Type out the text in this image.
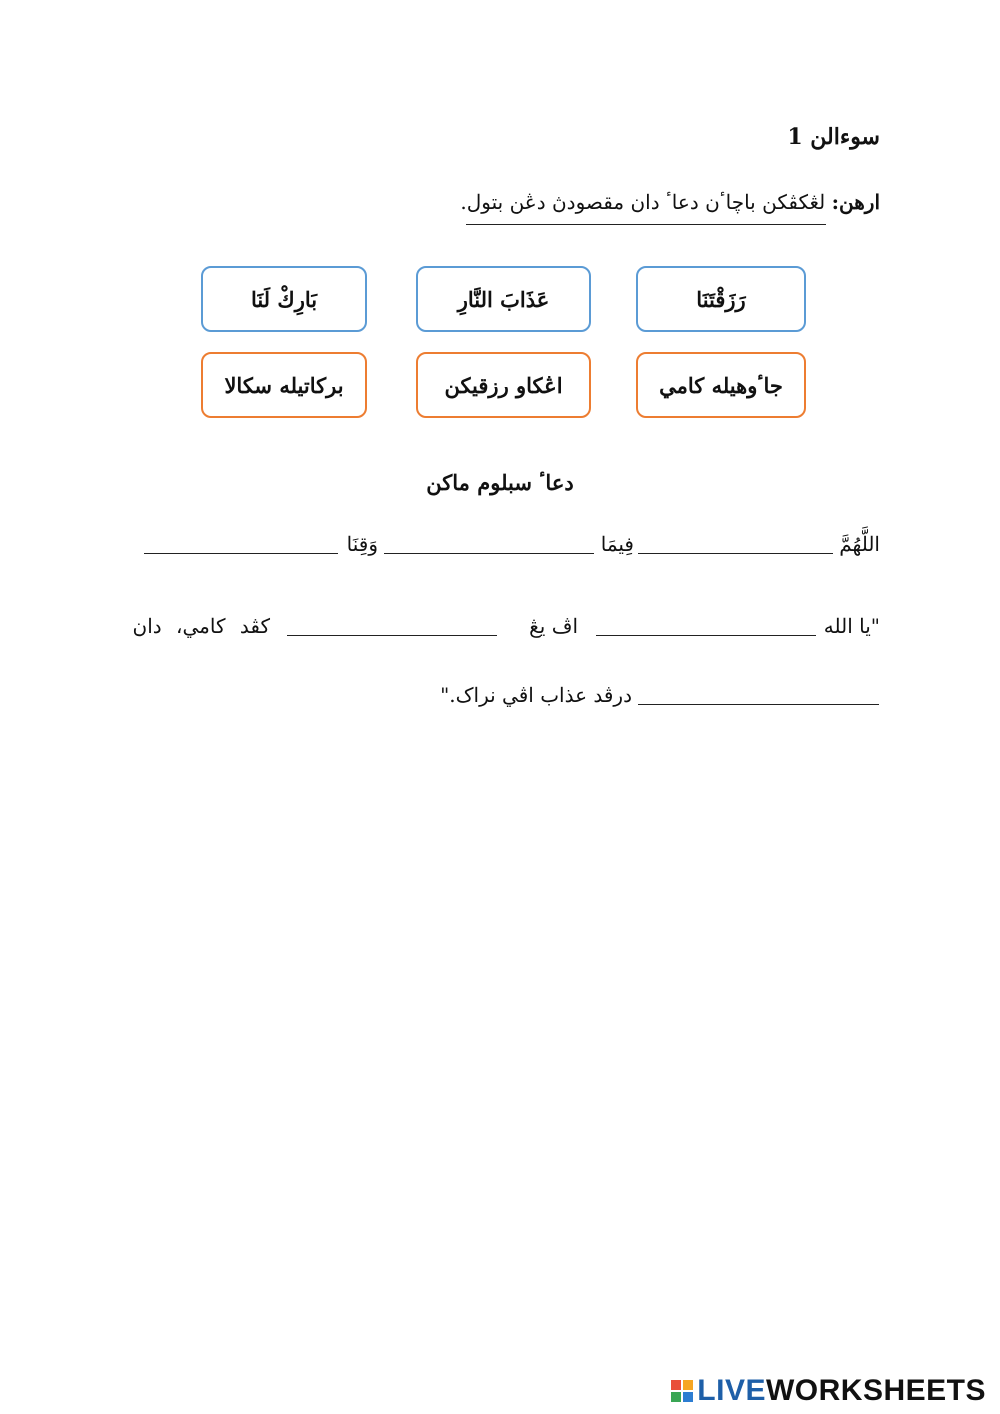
سوءالن 1
ارهن: لڠكڤكن باچاٴن دعاٴ دان مقصودڽ دڠن بتول.
رَزَقْتَنَا
عَذَابَ النَّارِ
بَارِكْ لَنَا
جاٴوهيله كامي
اڠكاو رزقيکن
بركاتيله سکالا
دعاٴ سبلوم ماكن
اللَّهُمَّ
فِيمَا
وَقِنَا
"يا الله
اڤ يڠ
كڤد كامي، دان
درڤد عذاب اڤي نراک."
LIVE WORKSHEETS
